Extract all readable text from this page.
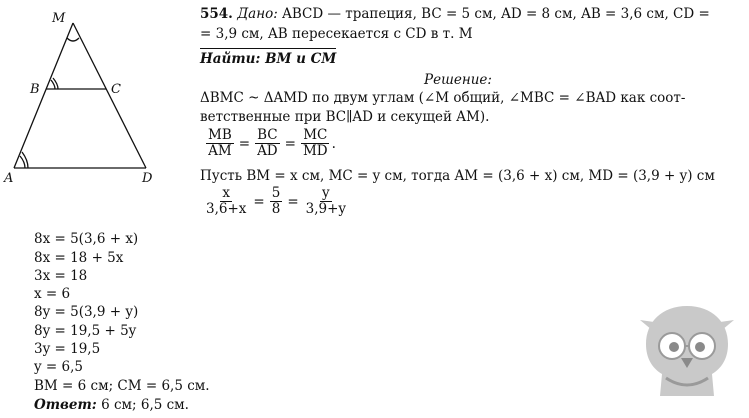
M
B	C
A	D
554. Дано: ABCD — трапеция, BC = 5 см, AD = 8 см, AB = 3,6 см, CD =
= 3,9 см, AB пересекается с CD в т. M
Найти: BM и CM
Решение:
ΔBMC ~ ΔAMD по двум углам (∠M общий, ∠MBC = ∠BAD как соот-
ветственные при BC∥AD и секущей AM).
$\frac{MB}{AM} = \frac{BC}{AD} = \frac{MC}{MD}$ .
Пусть BM = x см, MC = y см, тогда AM = (3,6 + x) см, MD = (3,9 + y) см
$\frac{x}{3,6+x} = \frac{5}{8} = \frac{y}{3,9+y}$
8x = 5(3,6 + x)
8x = 18 + 5x
3x = 18
x = 6
8y = 5(3,9 + y)
8y = 19,5 + 5y
3y = 19,5
y = 6,5
BM = 6 см; CM = 6,5 см.
Ответ: 6 см; 6,5 см.
